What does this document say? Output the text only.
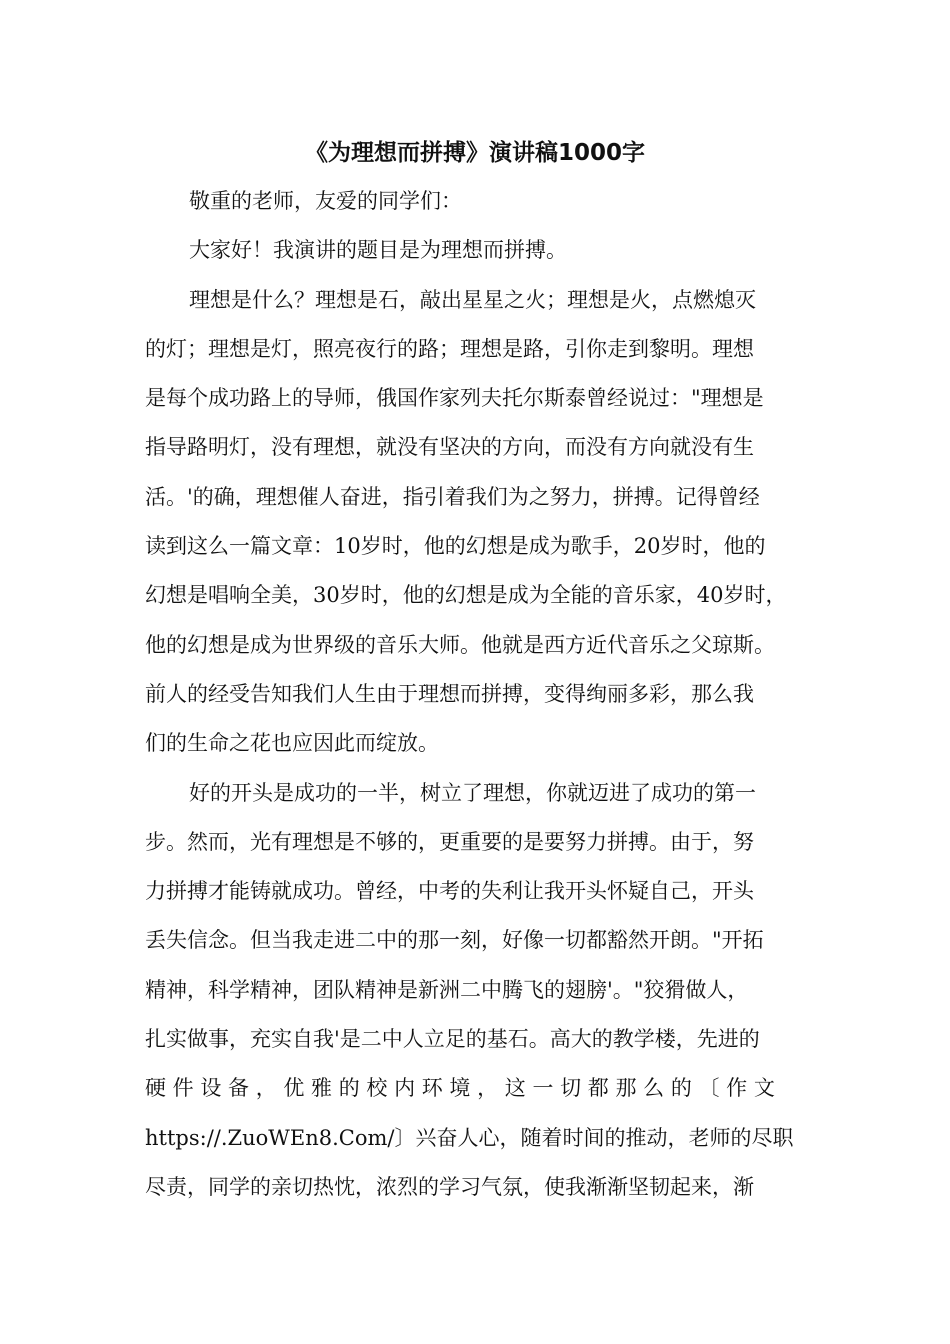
《为理想而拼搏》演讲稿1000字
敬重的老师，友爱的同学们：
大家好！我演讲的题目是为理想而拼搏。
理想是什么？理想是石，敲出星星之火；理想是火，点燃熄灭
的灯；理想是灯，照亮夜行的路；理想是路，引你走到黎明。理想
是每个成功路上的导师，俄国作家列夫托尔斯泰曾经说过："理想是
指导路明灯，没有理想，就没有坚决的方向，而没有方向就没有生
活。'的确，理想催人奋进，指引着我们为之努力，拼搏。记得曾经
读到这么一篇文章：10岁时，他的幻想是成为歌手，20岁时，他的
幻想是唱响全美，30岁时，他的幻想是成为全能的音乐家，40岁时，
他的幻想是成为世界级的音乐大师。他就是西方近代音乐之父琼斯。
前人的经受告知我们人生由于理想而拼搏，变得绚丽多彩，那么我
们的生命之花也应因此而绽放。
好的开头是成功的一半，树立了理想，你就迈进了成功的第一
步。然而，光有理想是不够的，更重要的是要努力拼搏。由于，努
力拼搏才能铸就成功。曾经，中考的失利让我开头怀疑自己，开头
丢失信念。但当我走进二中的那一刻，好像一切都豁然开朗。"开拓
精神，科学精神，团队精神是新洲二中腾飞的翅膀'。"狡猾做人，
扎实做事，充实自我'是二中人立足的基石。高大的教学楼，先进的
硬 件 设 备 ， 优 雅 的 校 内 环 境 ， 这 一 切 都 那 么 的 〔 作 文
https://.ZuoWEn8.Com/〕兴奋人心，随着时间的推动，老师的尽职
尽责，同学的亲切热忱，浓烈的学习气氛，使我渐渐坚韧起来，渐
